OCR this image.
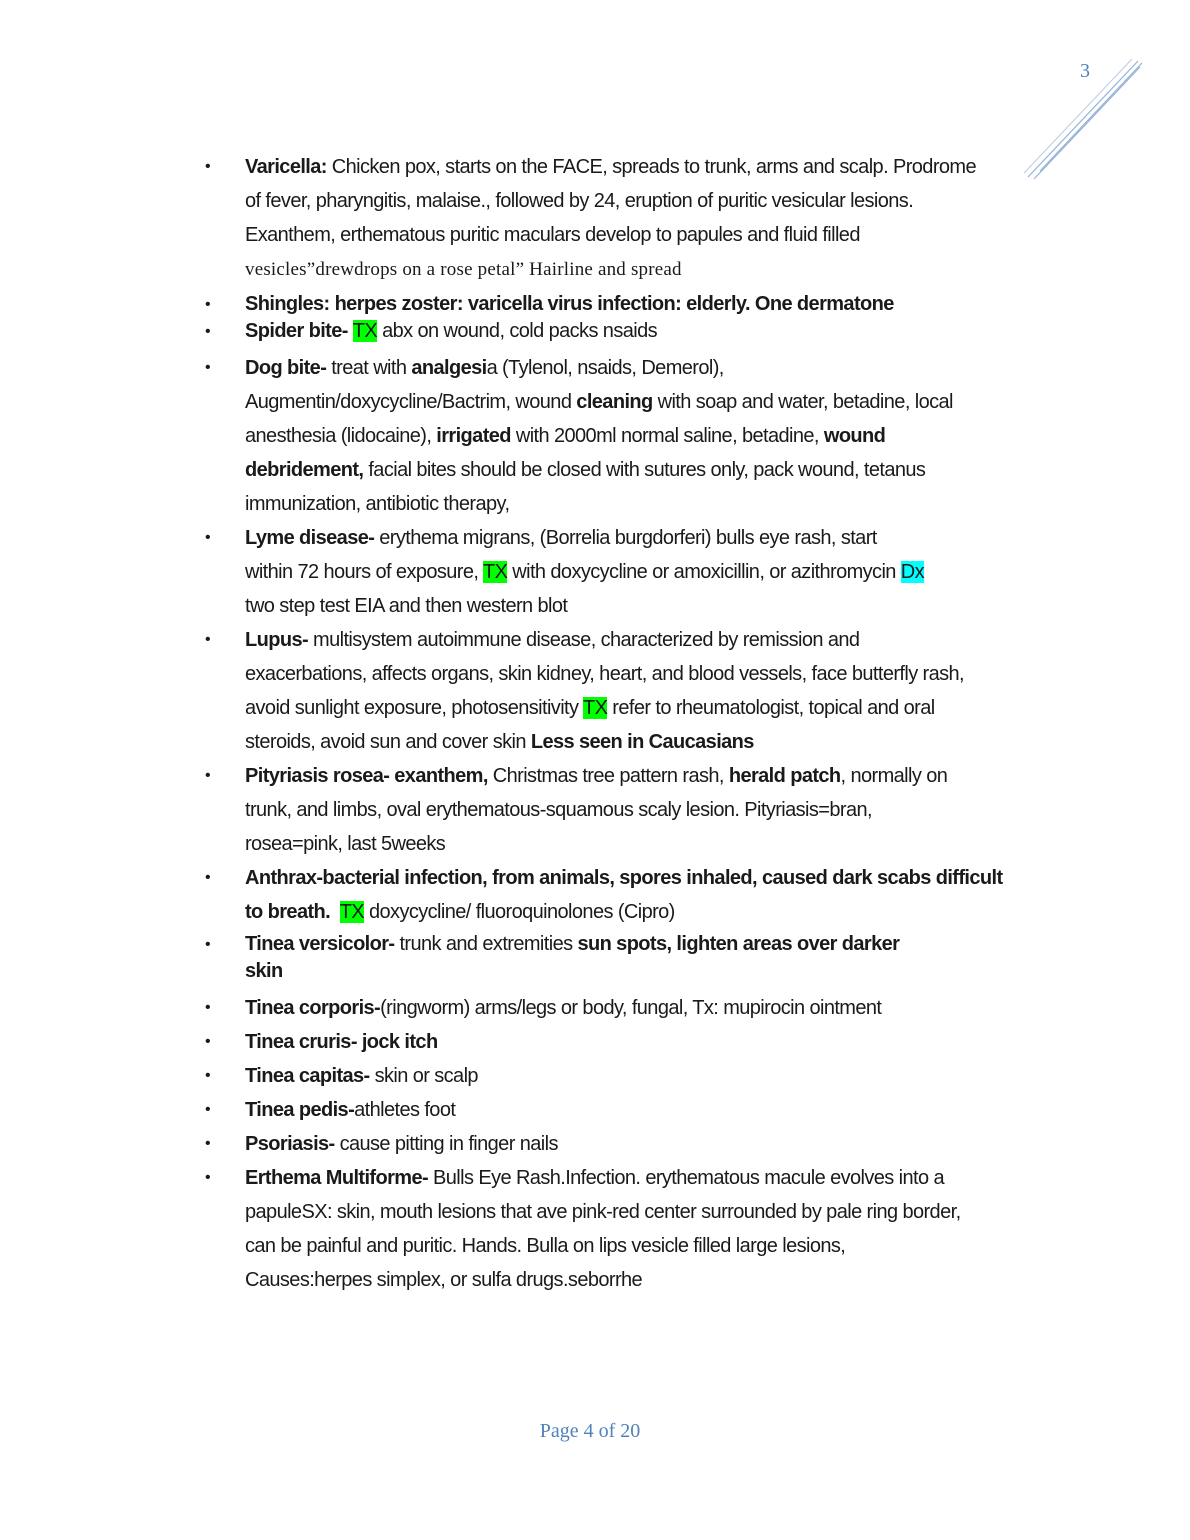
3
• Varicella: Chicken pox, starts on the FACE, spreads to trunk, arms and scalp. Prodrome
of fever, pharyngitis, malaise., followed by 24, eruption of puritic vesicular lesions.
Exanthem, erthematous puritic maculars develop to papules and fluid filled
vesicles”drewdrops on a rose petal” Hairline and spread
• Shingles: herpes zoster: varicella virus infection: elderly. One dermatone
• Spider bite- TX abx on wound, cold packs nsaids
• Dog bite- treat with analgesia (Tylenol, nsaids, Demerol),
Augmentin/doxycycline/Bactrim, wound cleaning with soap and water, betadine, local
anesthesia (lidocaine), irrigated with 2000ml normal saline, betadine, wound
debridement, facial bites should be closed with sutures only, pack wound, tetanus
immunization, antibiotic therapy,
• Lyme disease- erythema migrans, (Borrelia burgdorferi) bulls eye rash, start
within 72 hours of exposure, TX with doxycycline or amoxicillin, or azithromycin Dx
two step test EIA and then western blot
• Lupus- multisystem autoimmune disease, characterized by remission and
exacerbations, affects organs, skin kidney, heart, and blood vessels, face butterfly rash,
avoid sunlight exposure, photosensitivity TX refer to rheumatologist, topical and oral
steroids, avoid sun and cover skin Less seen in Caucasians
• Pityriasis rosea- exanthem, Christmas tree pattern rash, herald patch, normally on
trunk, and limbs, oval erythematous-squamous scaly lesion. Pityriasis=bran,
rosea=pink, last 5weeks
• Anthrax-bacterial infection, from animals, spores inhaled, caused dark scabs difficult
to breath. TX doxycycline/ fluoroquinolones (Cipro)
• Tinea versicolor- trunk and extremities sun spots, lighten areas over darker
skin
• Tinea corporis-(ringworm) arms/legs or body, fungal, Tx: mupirocin ointment
• Tinea cruris- jock itch
• Tinea capitas- skin or scalp
• Tinea pedis-athletes foot
• Psoriasis- cause pitting in finger nails
• Erthema Multiforme- Bulls Eye Rash.Infection. erythematous macule evolves into a
papuleSX: skin, mouth lesions that ave pink-red center surrounded by pale ring border,
can be painful and puritic. Hands. Bulla on lips vesicle filled large lesions,
Causes:herpes simplex, or sulfa drugs.seborrhe
Page 4 of 20
